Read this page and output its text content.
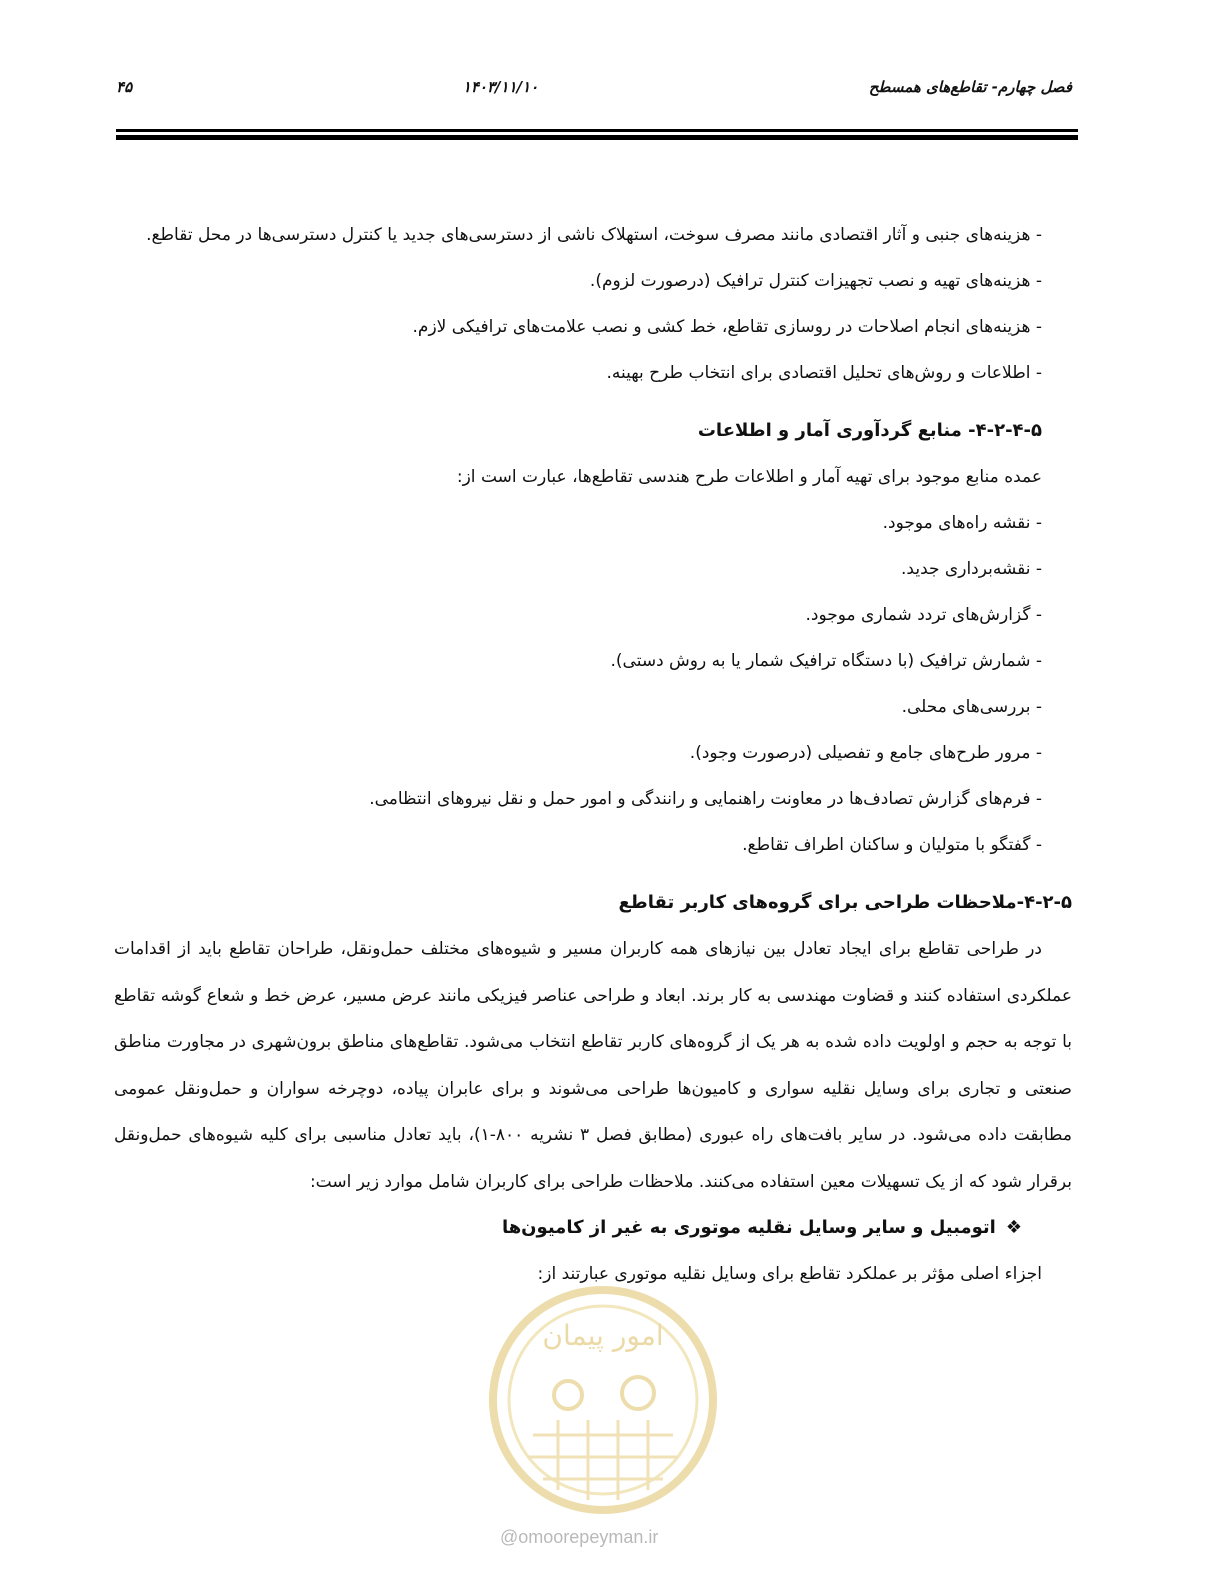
فصل چهارم- تقاطع‌های همسطح
۱۴۰۳/۱۱/۱۰
۴۵

- هزینه‌های جنبی و آثار اقتصادی مانند مصرف سوخت، استهلاک ناشی از دسترسی‌های جدید یا کنترل دسترسی‌ها در محل تقاطع.

- هزینه‌های تهیه و نصب تجهیزات کنترل ترافیک (درصورت لزوم).

- هزینه‌های انجام اصلاحات در روسازی تقاطع، خط کشی و نصب علامت‌های ترافیکی لازم.

- اطلاعات و روش‌های تحلیل اقتصادی برای انتخاب طرح بهینه.

۴-۲-۴-۵- منابع گردآوری آمار و اطلاعات

عمده منابع موجود برای تهیه آمار و اطلاعات طرح هندسی تقاطع‌ها، عبارت است از:

- نقشه راه‌های موجود.

- نقشه‌برداری جدید.

- گزارش‌های تردد شماری موجود.

- شمارش ترافیک (با دستگاه ترافیک شمار یا به روش دستی).

- بررسی‌های محلی.

- مرور طرح‌های جامع و تفصیلی (درصورت وجود).

- فرم‌های گزارش تصادف‌ها در معاونت راهنمایی و رانندگی و امور حمل و نقل نیروهای انتظامی.

- گفتگو با متولیان و ساکنان اطراف تقاطع.

۴-۲-۵-ملاحظات طراحی برای گروه‌های کاربر تقاطع

در طراحی تقاطع برای ایجاد تعادل بین نیازهای همه کاربران مسیر و شیوه‌های مختلف حمل‌ونقل، طراحان تقاطع باید از اقدامات عملکردی استفاده کنند و قضاوت مهندسی به کار برند. ابعاد و طراحی عناصر فیزیکی مانند عرض مسیر، عرض خط و شعاع گوشه تقاطع با توجه به حجم و اولویت داده شده به هر یک از گروه‌های کاربر تقاطع انتخاب می‌شود. تقاطع‌های مناطق برون‌شهری در مجاورت مناطق صنعتی و تجاری برای وسایل نقلیه سواری و کامیون‌ها طراحی می‌شوند و برای عابران پیاده، دوچرخه سواران و حمل‌ونقل عمومی مطابقت داده می‌شود. در سایر بافت‌های راه عبوری (مطابق فصل ۳ نشریه ۸۰۰-۱)، باید تعادل مناسبی برای کلیه شیوه‌های حمل‌ونقل برقرار شود که از یک تسهیلات معین استفاده می‌کنند. ملاحظات طراحی برای کاربران شامل موارد زیر است:

❖اتومبیل و سایر وسایل نقلیه موتوری به غیر از کامیون‌ها

اجزاء اصلی مؤثر بر عملکرد تقاطع برای وسایل نقلیه موتوری عبارتند از:

امور پیمان
@omoorepeyman.ir
